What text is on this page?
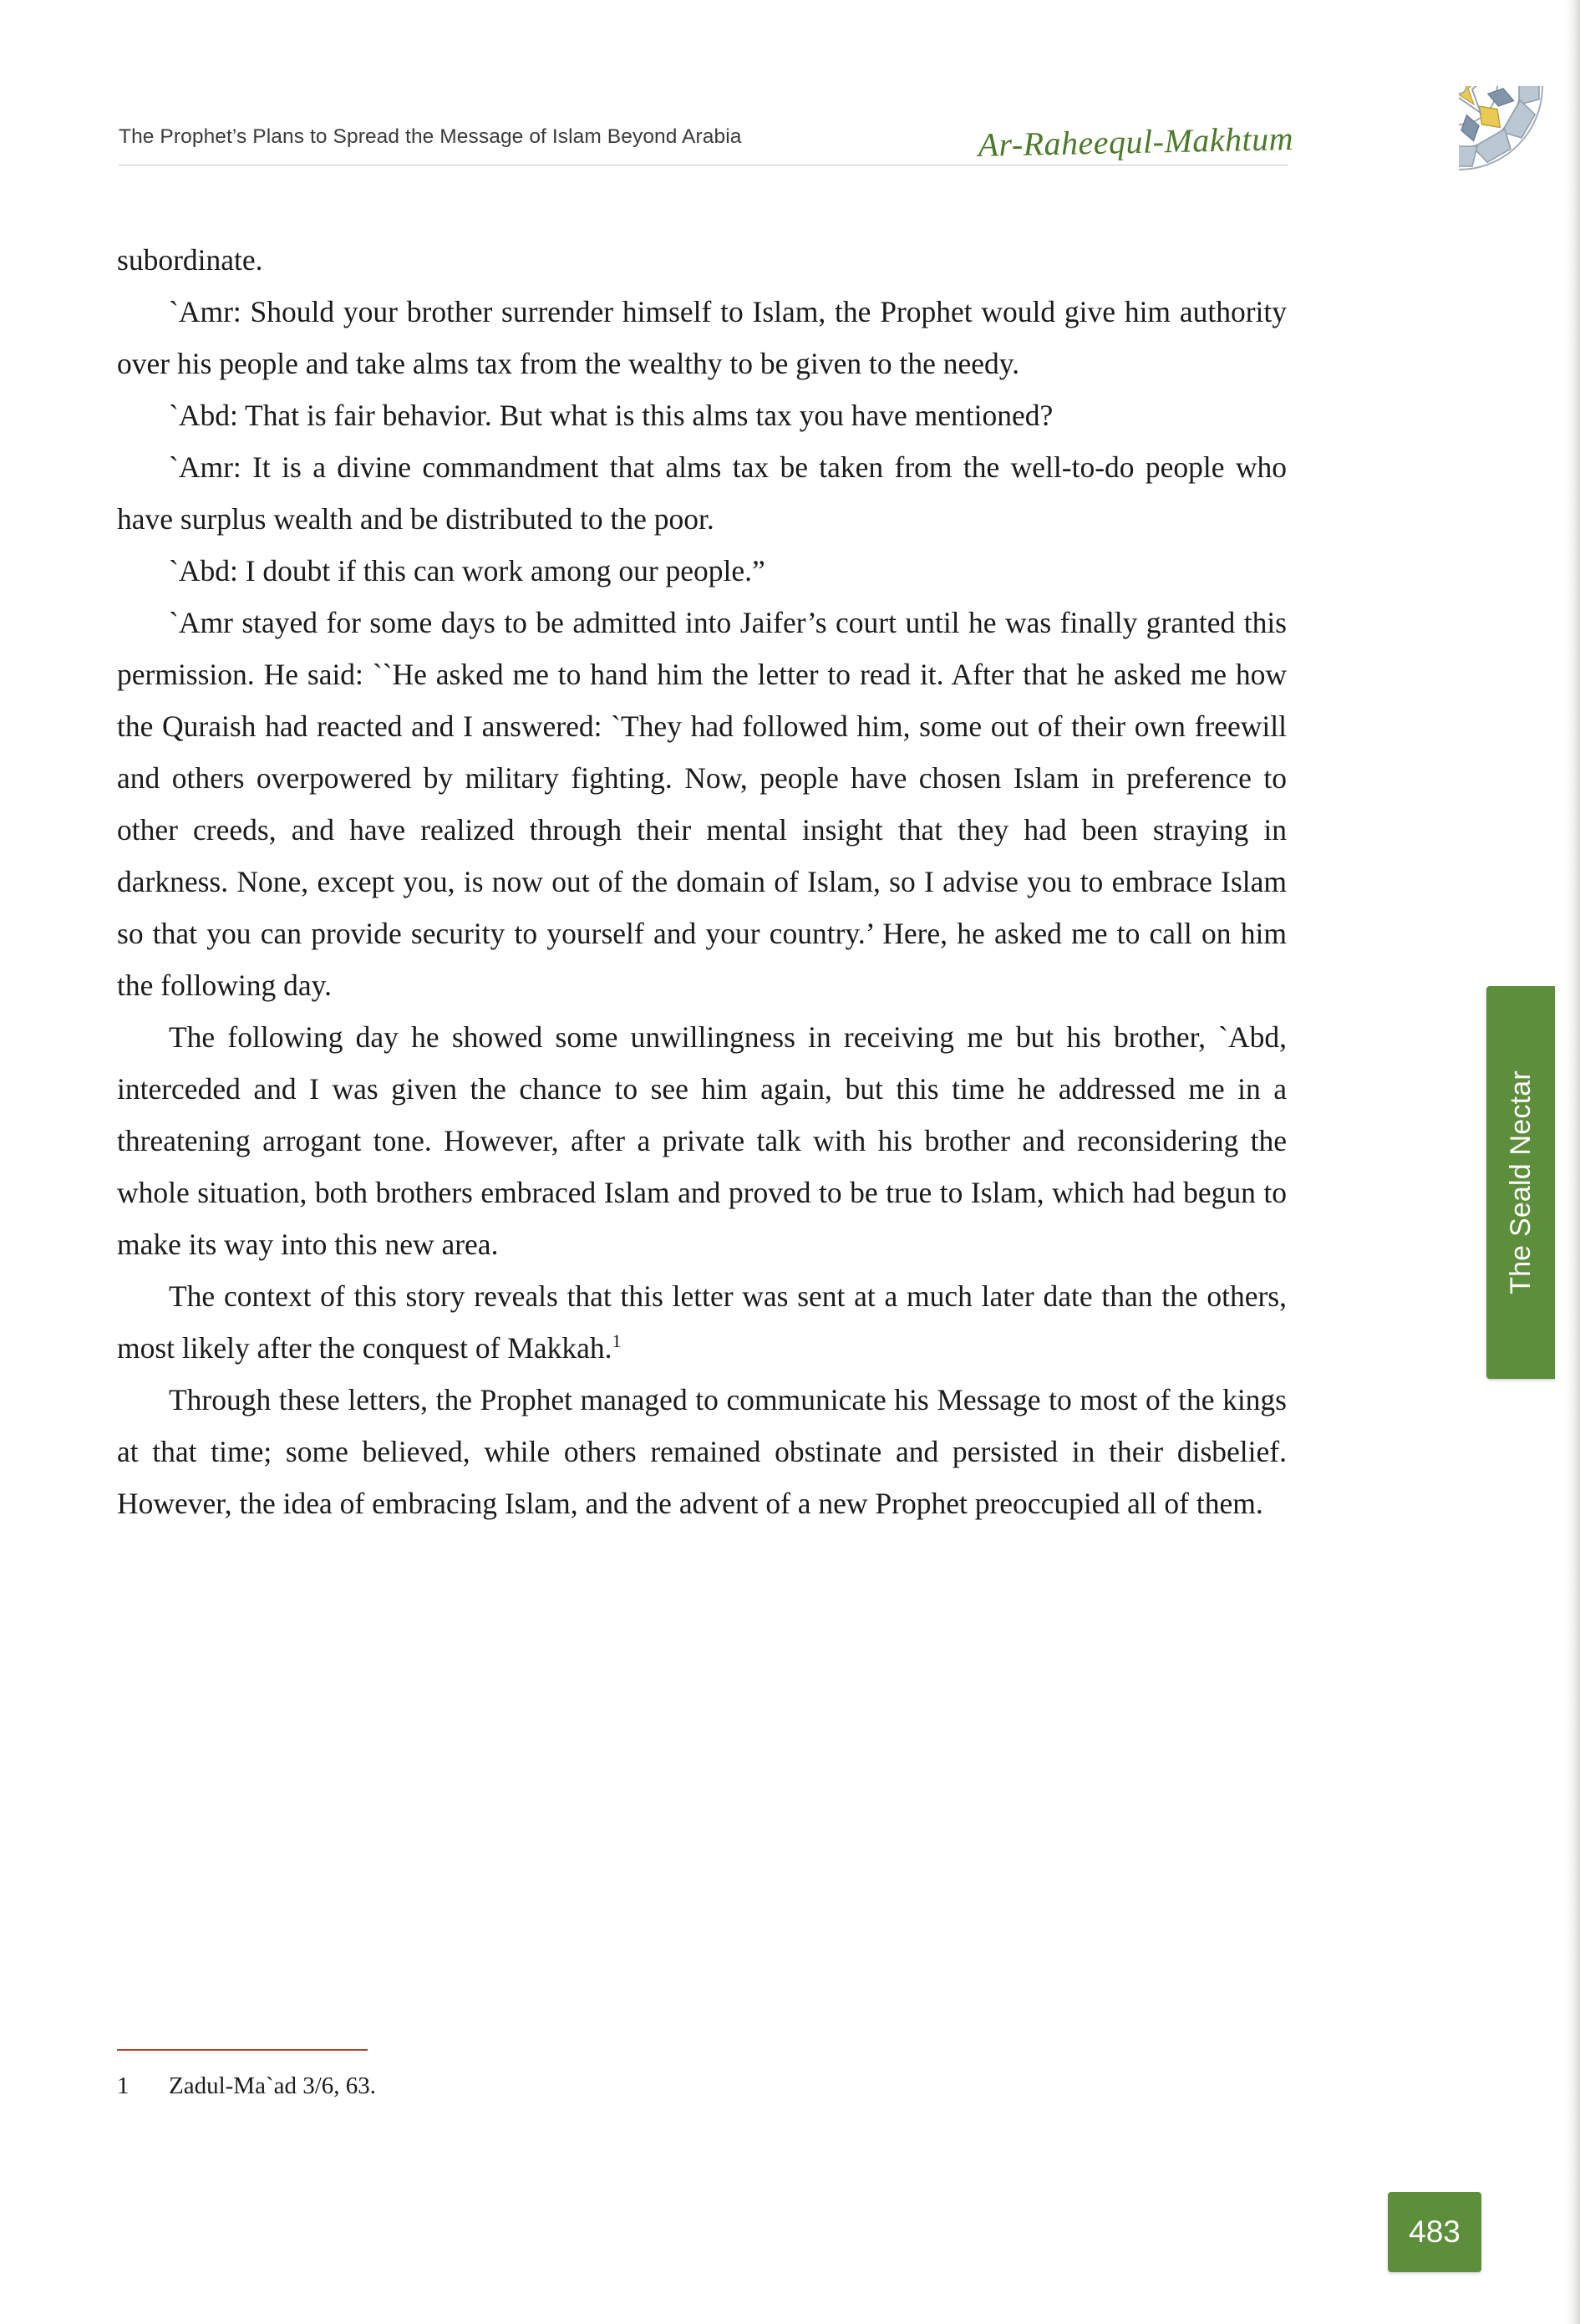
The Prophet’s Plans to Spread the Message of Islam Beyond Arabia	Ar-Raheequl-Makhtum

subordinate.

`Amr: Should your brother surrender himself to Islam, the Prophet would give him authority over his people and take alms tax from the wealthy to be given to the needy.

`Abd: That is fair behavior. But what is this alms tax you have mentioned?

`Amr: It is a divine commandment that alms tax be taken from the well-to-do people who have surplus wealth and be distributed to the poor.

`Abd: I doubt if this can work among our people.”

`Amr stayed for some days to be admitted into Jaifer’s court until he was finally granted this permission. He said: ``He asked me to hand him the letter to read it. After that he asked me how the Quraish had reacted and I answered: `They had followed him, some out of their own freewill and others overpowered by military fighting. Now, people have chosen Islam in preference to other creeds, and have realized through their mental insight that they had been straying in darkness. None, except you, is now out of the domain of Islam, so I advise you to embrace Islam so that you can provide security to yourself and your country.’ Here, he asked me to call on him the following day.

The following day he showed some unwillingness in receiving me but his brother, `Abd, interceded and I was given the chance to see him again, but this time he addressed me in a threatening arrogant tone. However, after a private talk with his brother and reconsidering the whole situation, both brothers embraced Islam and proved to be true to Islam, which had begun to make its way into this new area.

The context of this story reveals that this letter was sent at a much later date than the others, most likely after the conquest of Makkah.$^1$

Through these letters, the Prophet managed to communicate his Message to most of the kings at that time; some believed, while others remained obstinate and persisted in their disbelief. However, the idea of embracing Islam, and the advent of a new Prophet preoccupied all of them.

1 Zadul-Ma`ad 3/6, 63.
The Seald Nectar
483
